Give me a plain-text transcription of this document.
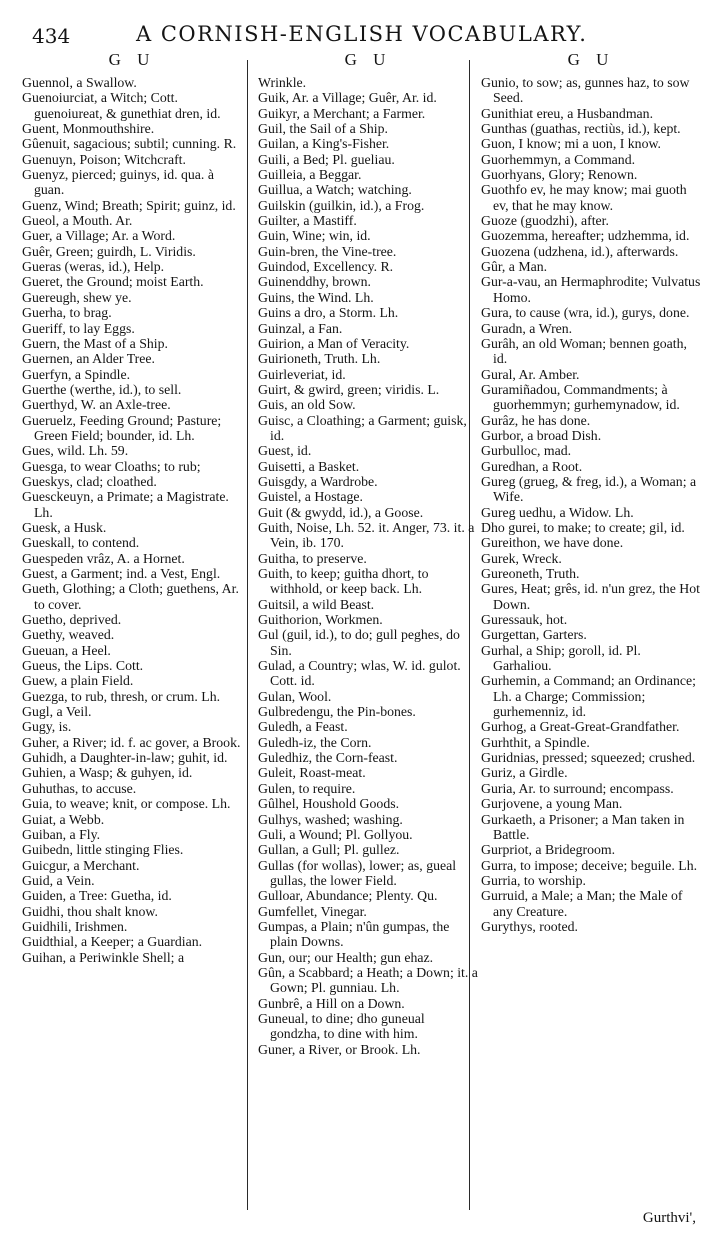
434	A CORNISH-ENGLISH VOCABULARY.
G U
Guennol, a Swallow.
Guenoiurciat, a Witch; Cott. guenoiureat, & gunethiat dren, id.
Guent, Monmouthshire.
Gûenuit, sagacious; subtil; cunning. R.
Guenuyn, Poison; Witchcraft.
Guenyz, pierced; guinys, id. qua. à guan.
Guenz, Wind; Breath; Spirit; guinz, id.
Gueol, a Mouth. Ar.
Guer, a Village; Ar. a Word.
Guêr, Green; guirdh, L. Viridis.
Gueras (weras, id.), Help.
Gueret, the Ground; moist Earth.
Guereugh, shew ye.
Guerha, to brag.
Gueriff, to lay Eggs.
Guern, the Mast of a Ship.
Guernen, an Alder Tree.
Guerfyn, a Spindle.
Guerthe (werthe, id.), to sell.
Guerthyd, W. an Axle-tree.
Gueruelz, Feeding Ground; Pasture; Green Field; bounder, id. Lh.
Gues, wild. Lh. 59.
Guesga, to wear Cloaths; to rub;
Gueskys, clad; cloathed.
Guesckeuyn, a Primate; a Magistrate. Lh.
Guesk, a Husk.
Gueskall, to contend.
Guespeden vrâz, A. a Hornet.
Guest, a Garment; ind. a Vest, Engl.
Gueth, Glothing; a Cloth; guethens, Ar. to cover.
Guetho, deprived.
Guethy, weaved.
Gueuan, a Heel.
Gueus, the Lips. Cott.
Guew, a plain Field.
Guezga, to rub, thresh, or crum. Lh.
Gugl, a Veil.
Gugy, is.
Guher, a River; id. f. ac gover, a Brook.
Guhidh, a Daughter-in-law; guhit, id.
Guhien, a Wasp; & guhyen, id.
Guhuthas, to accuse.
Guia, to weave; knit, or compose. Lh.
Guiat, a Webb.
Guiban, a Fly.
Guibedn, little stinging Flies.
Guicgur, a Merchant.
Guid, a Vein.
Guiden, a Tree: Guetha, id.
Guidhi, thou shalt know.
Guidhili, Irishmen.
Guidthial, a Keeper; a Guardian.
Guihan, a Periwinkle Shell; a
G U
Wrinkle.
Guik, Ar. a Village; Guêr, Ar. id.
Guikyr, a Merchant; a Farmer.
Guil, the Sail of a Ship.
Guilan, a King's-Fisher.
Guili, a Bed; Pl. gueliau.
Guilleia, a Beggar.
Guillua, a Watch; watching.
Guilskin (guilkin, id.), a Frog.
Guilter, a Mastiff.
Guin, Wine; win, id.
Guin-bren, the Vine-tree.
Guindod, Excellency. R.
Guinenddhy, brown.
Guins, the Wind. Lh.
Guins a dro, a Storm. Lh.
Guinzal, a Fan.
Guirion, a Man of Veracity.
Guirioneth, Truth. Lh.
Guirleveriat, id.
Guirt, & gwird, green; viridis. L.
Guis, an old Sow.
Guisc, a Cloathing; a Garment; guisk, id.
Guest, id.
Guisetti, a Basket.
Guisgdy, a Wardrobe.
Guistel, a Hostage.
Guit (& gwydd, id.), a Goose.
Guith, Noise, Lh. 52. it. Anger, 73. it. a Vein, ib. 170.
Guitha, to preserve.
Guith, to keep; guitha dhort, to withhold, or keep back. Lh.
Guitsil, a wild Beast.
Guithorion, Workmen.
Gul (guil, id.), to do; gull peghes, do Sin.
Gulad, a Country; wlas, W. id. gulot. Cott. id.
Gulan, Wool.
Gulbredengu, the Pin-bones.
Guledh, a Feast.
Guledh-iz, the Corn.
Guledhiz, the Corn-feast.
Guleit, Roast-meat.
Gulen, to require.
Gûlhel, Houshold Goods.
Gulhys, washed; washing.
Guli, a Wound; Pl. Gollyou.
Gullan, a Gull; Pl. gullez.
Gullas (for wollas), lower; as, gueal gullas, the lower Field.
Gulloar, Abundance; Plenty. Qu.
Gumfellet, Vinegar.
Gumpas, a Plain; n'ûn gumpas, the plain Downs.
Gun, our; our Health; gun ehaz.
Gûn, a Scabbard; a Heath; a Down; it. a Gown; Pl. gunniau. Lh.
Gunbrê, a Hill on a Down.
Guneual, to dine; dho guneual gondzha, to dine with him.
Guner, a River, or Brook. Lh.
G U
Gunio, to sow; as, gunnes haz, to sow Seed.
Gunithiat ereu, a Husbandman.
Gunthas (guathas, rectiùs, id.), kept.
Guon, I know; mi a uon, I know.
Guorhemmyn, a Command.
Guorhyans, Glory; Renown.
Guothfo ev, he may know; mai guoth ev, that he may know.
Guoze (guodzhi), after.
Guozemma, hereafter; udzhemma, id.
Guozena (udzhena, id.), afterwards.
Gûr, a Man.
Gur-a-vau, an Hermaphrodite; Vulvatus Homo.
Gura, to cause (wra, id.), gurys, done.
Guradn, a Wren.
Gurâh, an old Woman; bennen goath, id.
Gural, Ar. Amber.
Guramiñadou, Commandments; à guorhemmyn; gurhemynadow, id.
Gurâz, he has done.
Gurbor, a broad Dish.
Gurbulloc, mad.
Guredhan, a Root.
Gureg (grueg, & freg, id.), a Woman; a Wife.
Gureg uedhu, a Widow. Lh.
Dho gurei, to make; to create; gil, id.
Gureithon, we have done.
Gurek, Wreck.
Gureoneth, Truth.
Gures, Heat; grês, id. n'un grez, the Hot Down.
Guressauk, hot.
Gurgettan, Garters.
Gurhal, a Ship; goroll, id. Pl. Garhaliou.
Gurhemin, a Command; an Ordinance; Lh. a Charge; Commission; gurhemenniz, id.
Gurhog, a Great-Great-Grandfather.
Gurhthit, a Spindle.
Guridnias, pressed; squeezed; crushed.
Guriz, a Girdle.
Guria, Ar. to surround; encompass.
Gurjovene, a young Man.
Gurkaeth, a Prisoner; a Man taken in Battle.
Gurpriot, a Bridegroom.
Gurra, to impose; deceive; beguile. Lh.
Gurria, to worship.
Gurruid, a Male; a Man; the Male of any Creature.
Gurythys, rooted.
Gurthvi',
